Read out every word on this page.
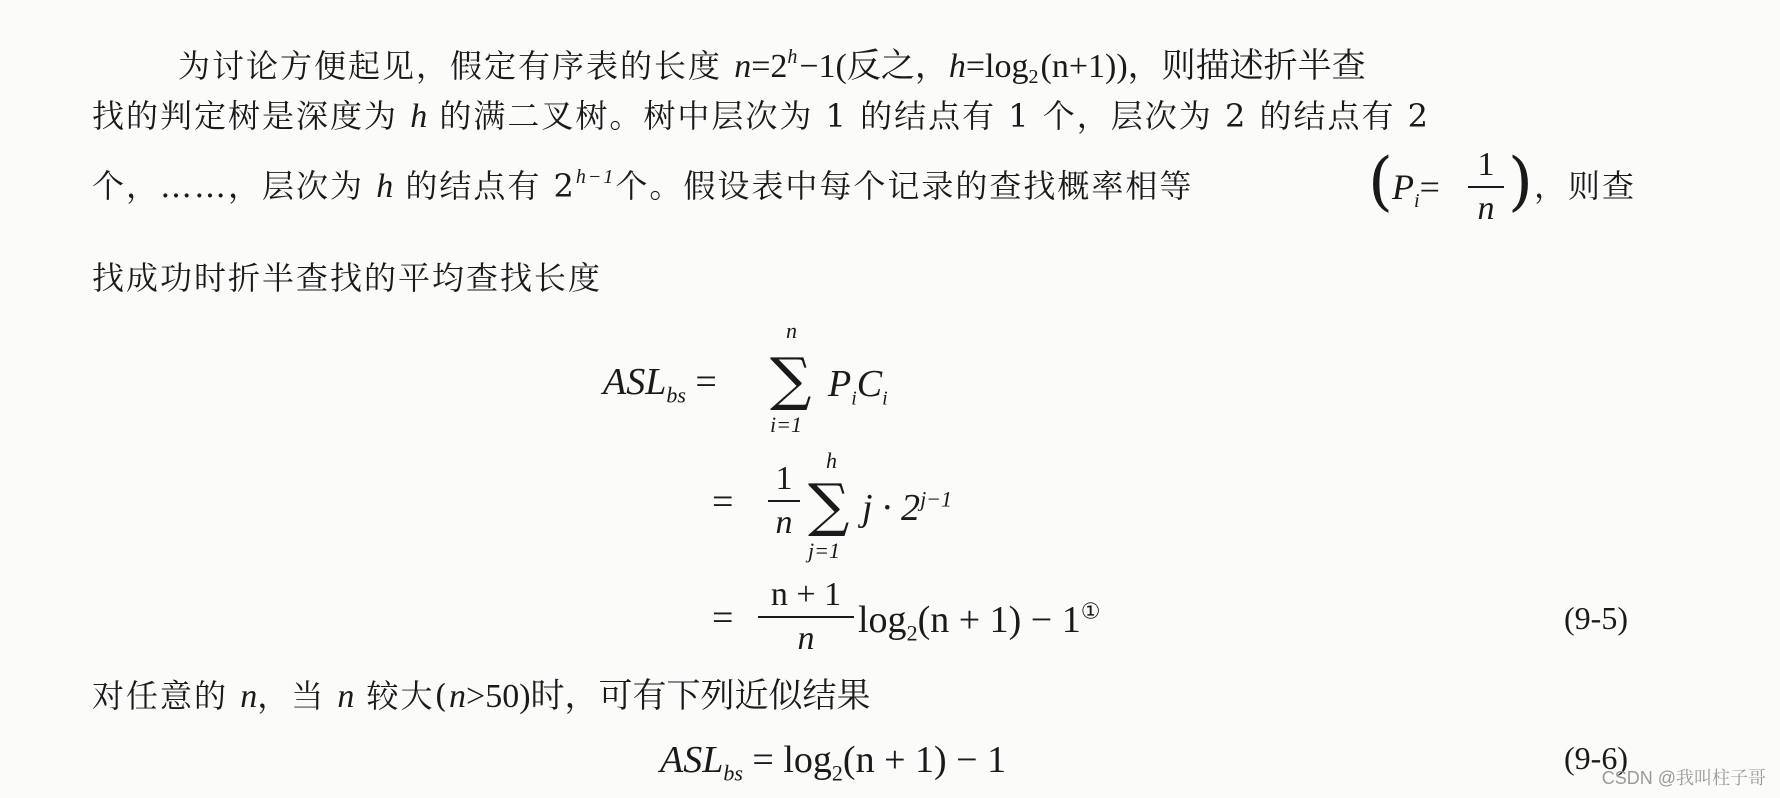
为讨论方便起见，假定有序表的长度 $n=2^h-1$(反之，$h=\log_2(n+1)$)，则描述折半查
找的判定树是深度为 h 的满二叉树。树中层次为 1 的结点有 1 个，层次为 2 的结点有 2
个，……，层次为 h 的结点有 $2^{h-1}$个。假设表中每个记录的查找概率相等	( $P_i=$
1
n ) ，则查
找成功时折半查找的平均查找长度
$ASL_{bs}$ =
n
∑
i=1
$P_iC_i$
=
1
n
h
∑
j=1
$j \cdot 2^{j-1}$
=
n + 1
n	$\log_2(n + 1) - 1^①$	(9-5)
对任意的 n，当 n 较大(n>50)时，可有下列近似结果
$ASL_{bs} = \log_2(n + 1) - 1$	(9-6)
CSDN @我叫柱子哥
